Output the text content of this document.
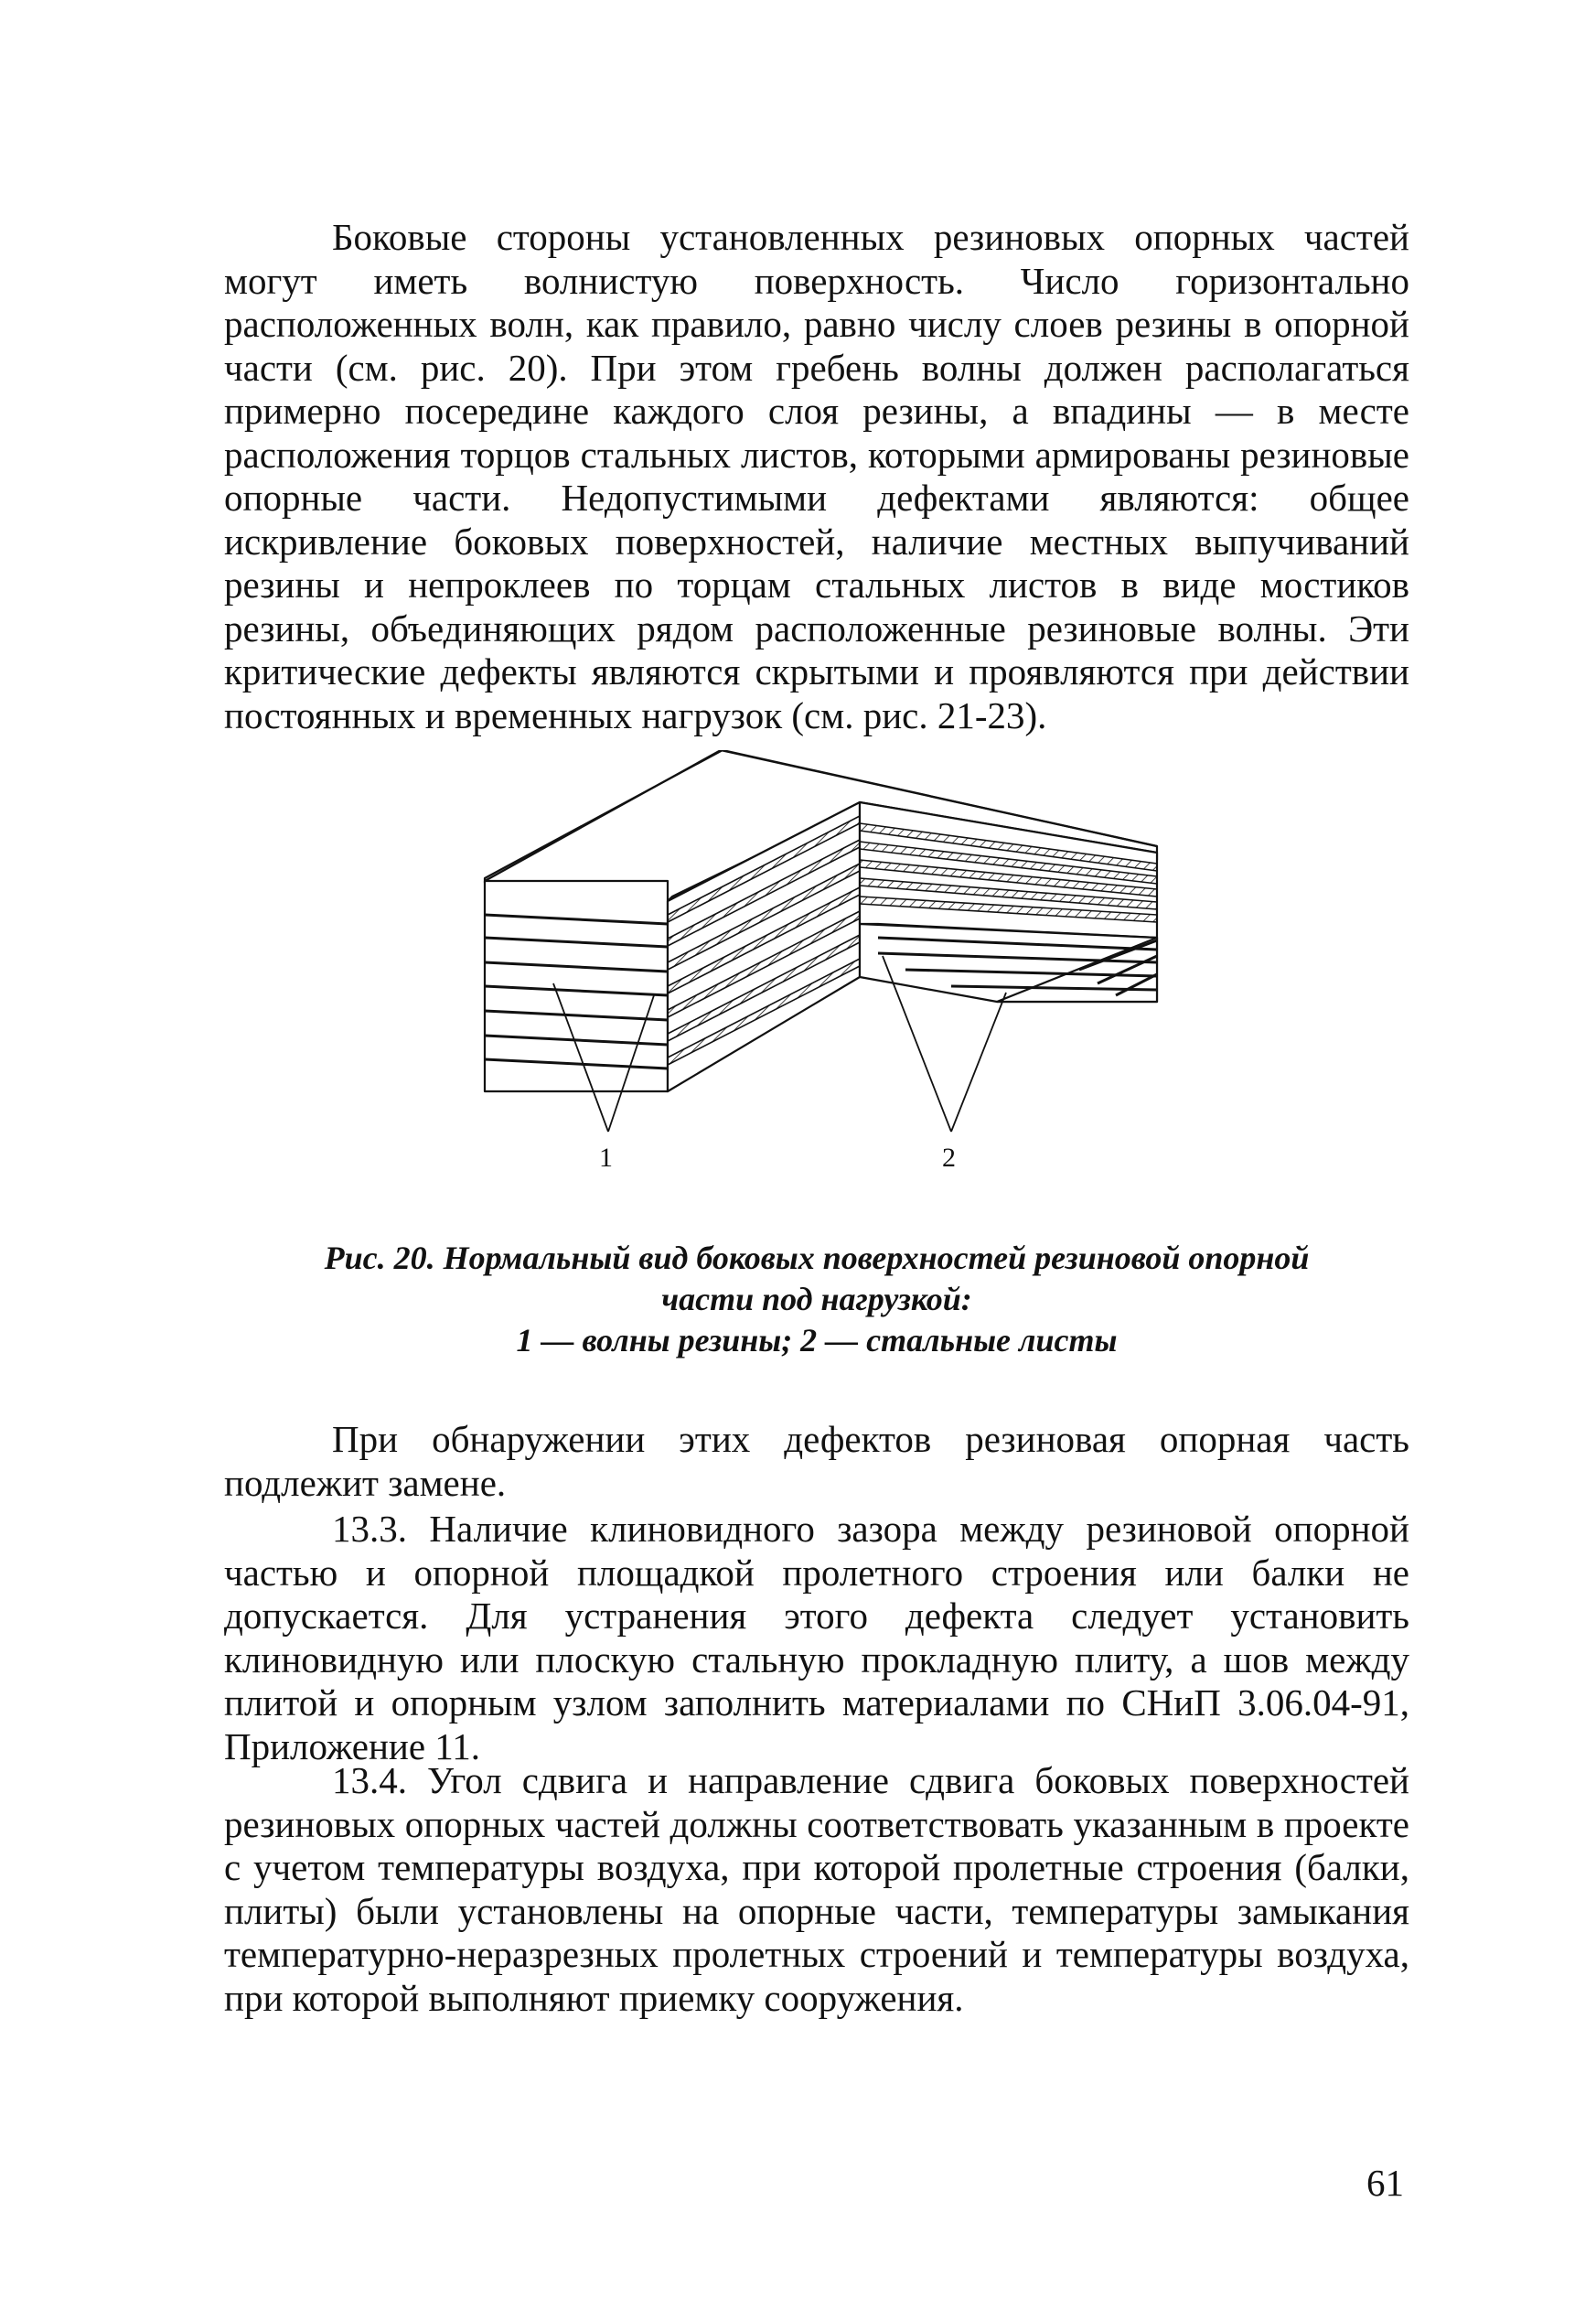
Боковые стороны установленных резиновых опорных частей могут иметь волнистую поверхность. Число горизонтально расположенных волн, как правило, равно числу слоев резины в опорной части (см. рис. 20). При этом гребень волны должен располагаться примерно посередине каждого слоя резины, а впадины — в месте расположения торцов стальных листов, которыми армированы резиновые опорные части. Недопустимыми дефектами являются: общее искривление боковых поверхностей, наличие местных выпучиваний резины и непроклеев по торцам стальных листов в виде мостиков резины, объединяющих рядом расположенные резиновые волны. Эти критические дефекты являются скрытыми и проявляются при действии постоянных и временных нагрузок (см. рис. 21-23).

1	2
Рис. 20. Нормальный вид боковых поверхностей резиновой опорной
части под нагрузкой:
1 — волны резины; 2 — стальные листы

При обнаружении этих дефектов резиновая опорная часть подлежит замене.

13.3. Наличие клиновидного зазора между резиновой опорной частью и опорной площадкой пролетного строения или балки не допускается. Для устранения этого дефекта следует установить клиновидную или плоскую стальную прокладную плиту, а шов между плитой и опорным узлом заполнить материалами по СНиП 3.06.04-91, Приложение 11.

13.4. Угол сдвига и направление сдвига боковых поверхностей резиновых опорных частей должны соответствовать указанным в проекте с учетом температуры воздуха, при которой пролетные строения (балки, плиты) были установлены на опорные части, температуры замыкания температурно-неразрезных пролетных строений и температуры воздуха, при которой выполняют приемку сооружения.

61
